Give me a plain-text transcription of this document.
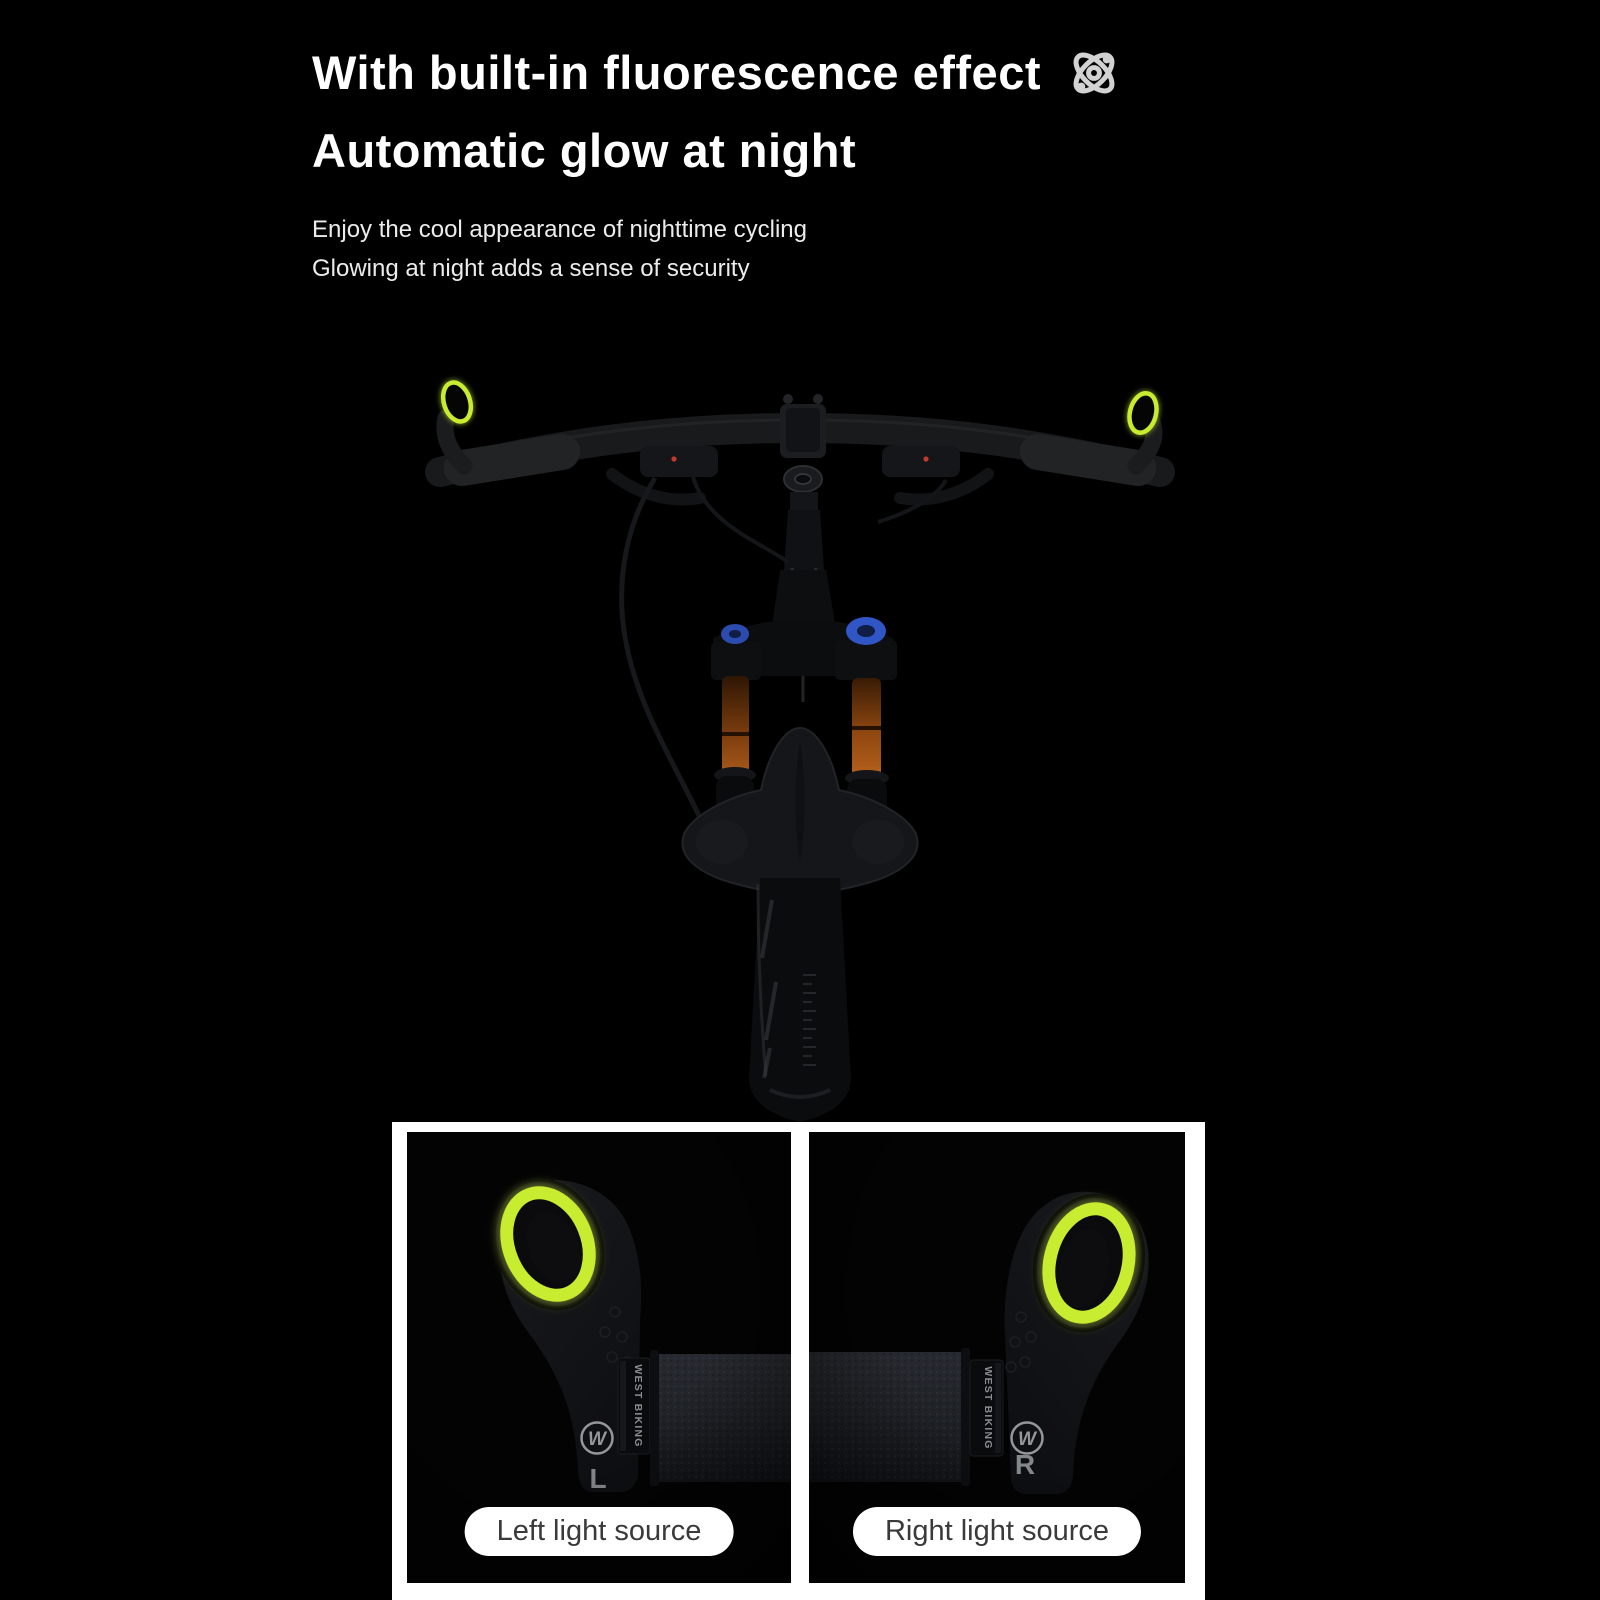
With built-in fluorescence effect
Automatic glow at night

Enjoy the cool appearance of nighttime cycling

Glowing at night adds a sense of security

Left light source	Right light source
